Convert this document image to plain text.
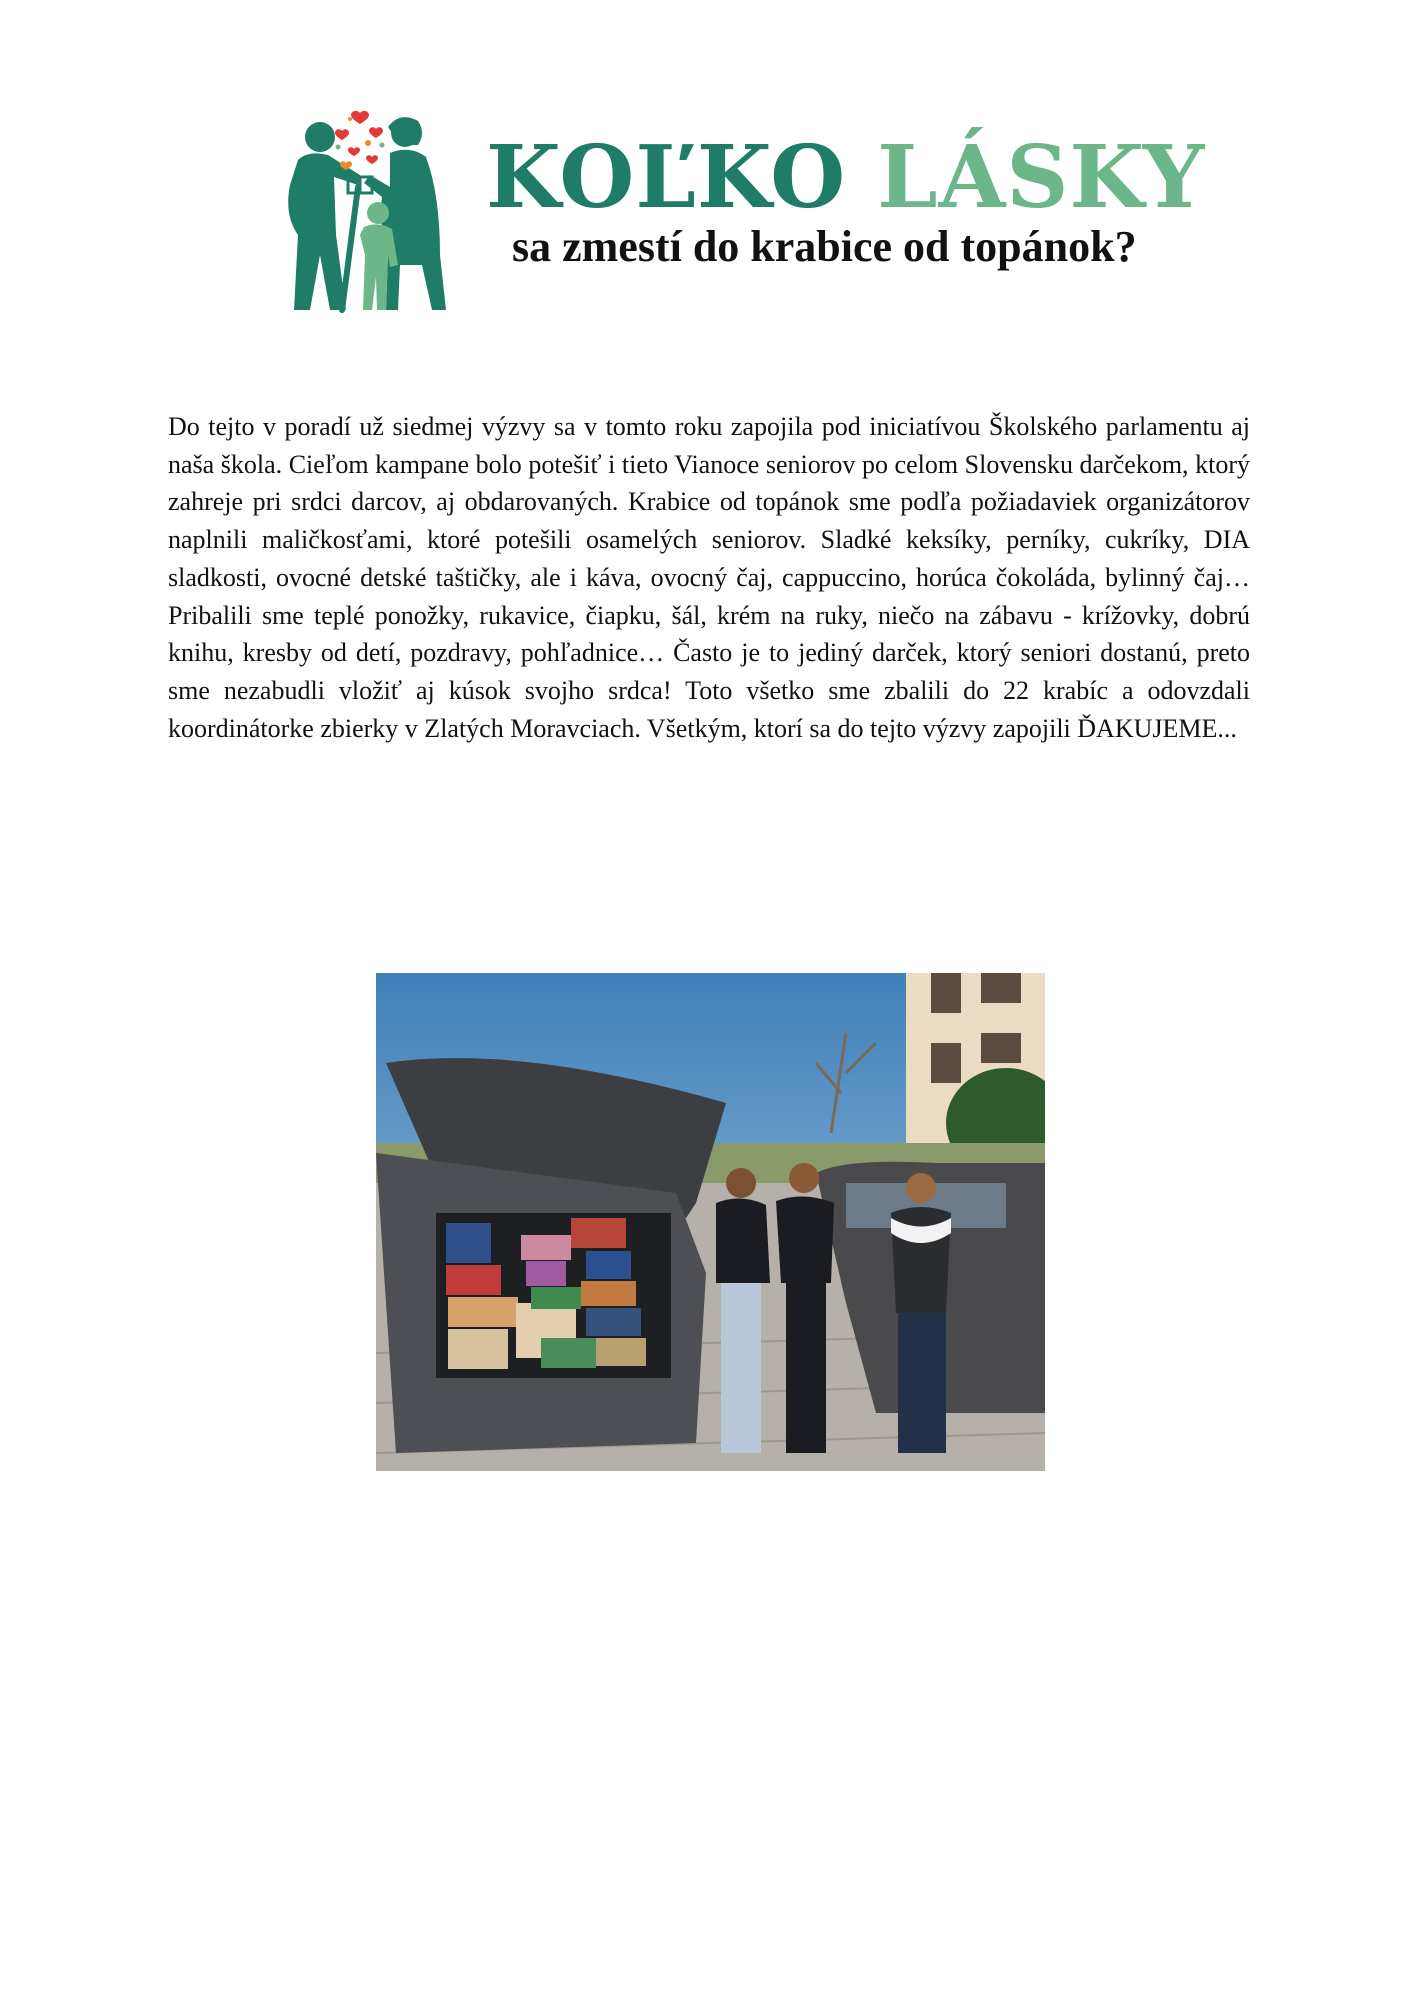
KOĽKO LÁSKY
sa zmestí do krabice od topánok?

Do tejto v poradí už siedmej výzvy sa v tomto roku zapojila pod iniciatívou Školského parlamentu aj naša škola. Cieľom kampane bolo potešiť i tieto Vianoce seniorov po celom Slovensku darčekom, ktorý zahreje pri srdci darcov, aj obdarovaných. Krabice od topánok sme podľa požiadaviek organizátorov naplnili maličkosťami, ktoré potešili osamelých seniorov. Sladké keksíky, perníky, cukríky, DIA sladkosti, ovocné detské taštičky, ale i káva, ovocný čaj, cappuccino, horúca čokoláda, bylinný čaj… Pribalili sme teplé ponožky, rukavice, čiapku, šál, krém na ruky, niečo na zábavu - krížovky, dobrú knihu, kresby od detí, pozdravy, pohľadnice… Často je to jediný darček, ktorý seniori dostanú, preto sme nezabudli vložiť aj kúsok svojho srdca! Toto všetko sme zbalili do 22 krabíc a odovzdali koordinátorke zbierky v Zlatých Moravciach. Všetkým, ktorí sa do tejto výzvy zapojili ĎAKUJEME...
